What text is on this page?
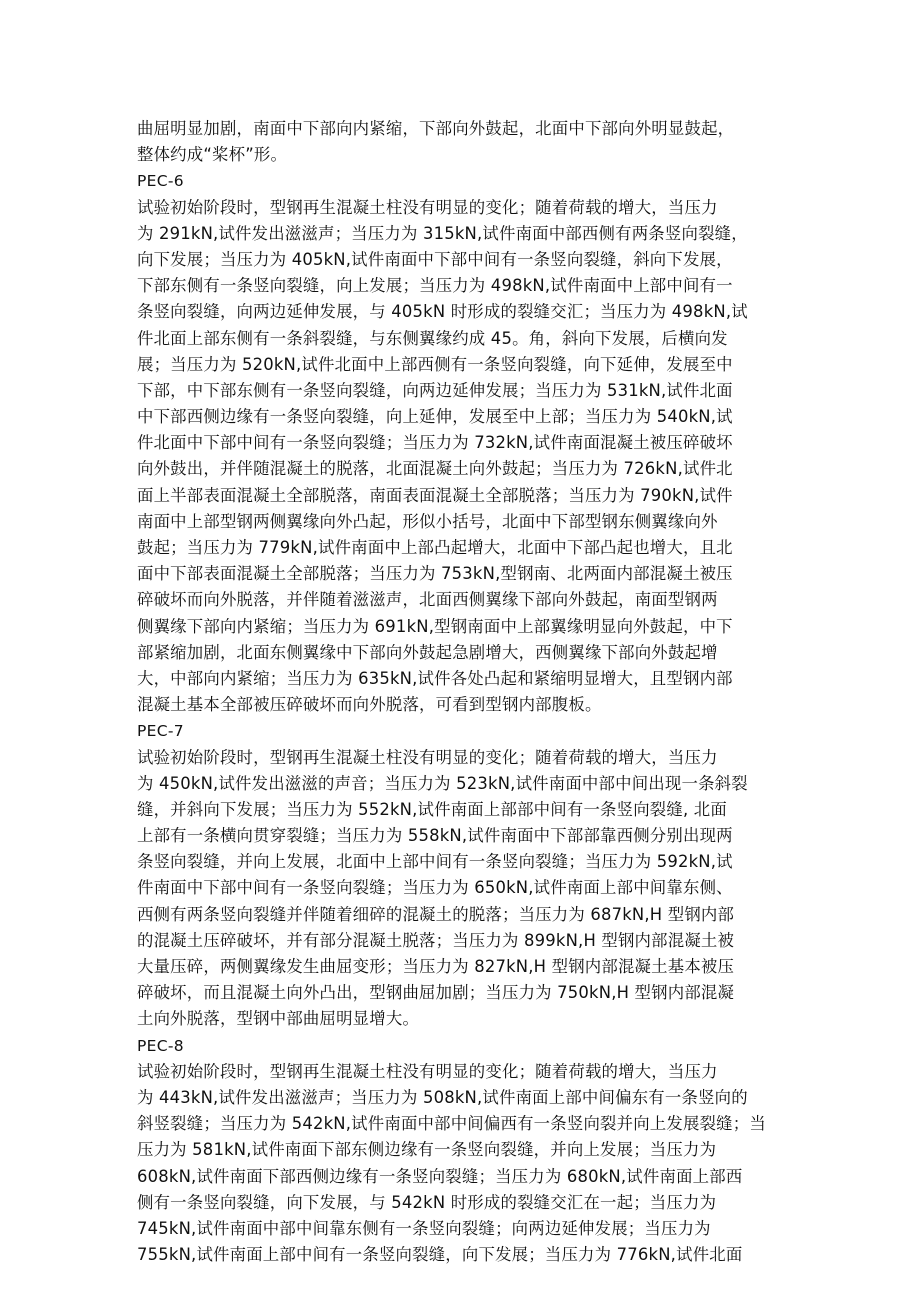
曲屈明显加剧，南面中下部向内紧缩，下部向外鼓起，北面中下部向外明显鼓起，
整体约成“桨杯”形。
PEC-6
试验初始阶段时，型钢再生混凝土柱没有明显的变化；随着荷载的增大，当压力
为 291kN,试件发出滋滋声；当压力为 315kN,试件南面中部西侧有两条竖向裂缝，
向下发展；当压力为 405kN,试件南面中下部中间有一条竖向裂缝，斜向下发展，
下部东侧有一条竖向裂缝，向上发展；当压力为 498kN,试件南面中上部中间有一
条竖向裂缝，向两边延伸发展，与 405kN 时形成的裂缝交汇；当压力为 498kN,试
件北面上部东侧有一条斜裂缝，与东侧翼缘约成 45。角，斜向下发展，后横向发
展；当压力为 520kN,试件北面中上部西侧有一条竖向裂缝，向下延伸，发展至中
下部，中下部东侧有一条竖向裂缝，向两边延伸发展；当压力为 531kN,试件北面
中下部西侧边缘有一条竖向裂缝，向上延伸，发展至中上部；当压力为 540kN,试
件北面中下部中间有一条竖向裂缝；当压力为 732kN,试件南面混凝土被压碎破坏
向外鼓出，并伴随混凝土的脱落，北面混凝土向外鼓起；当压力为 726kN,试件北
面上半部表面混凝土全部脱落，南面表面混凝土全部脱落；当压力为 790kN,试件
南面中上部型钢两侧翼缘向外凸起，形似小括号，北面中下部型钢东侧翼缘向外
鼓起；当压力为 779kN,试件南面中上部凸起增大，北面中下部凸起也增大，且北
面中下部表面混凝土全部脱落；当压力为 753kN,型钢南、北两面内部混凝土被压
碎破坏而向外脱落，并伴随着滋滋声，北面西侧翼缘下部向外鼓起，南面型钢两
侧翼缘下部向内紧缩；当压力为 691kN,型钢南面中上部翼缘明显向外鼓起，中下
部紧缩加剧，北面东侧翼缘中下部向外鼓起急剧增大，西侧翼缘下部向外鼓起增
大，中部向内紧缩；当压力为 635kN,试件各处凸起和紧缩明显增大，且型钢内部
混凝土基本全部被压碎破坏而向外脱落，可看到型钢内部腹板。
PEC-7
试验初始阶段时，型钢再生混凝土柱没有明显的变化；随着荷载的增大，当压力
为 450kN,试件发出滋滋的声音；当压力为 523kN,试件南面中部中间出现一条斜裂
缝，并斜向下发展；当压力为 552kN,试件南面上部部中间有一条竖向裂缝, 北面
上部有一条横向贯穿裂缝；当压力为 558kN,试件南面中下部部靠西侧分别出现两
条竖向裂缝，并向上发展，北面中上部中间有一条竖向裂缝；当压力为 592kN,试
件南面中下部中间有一条竖向裂缝；当压力为 650kN,试件南面上部中间靠东侧、
西侧有两条竖向裂缝并伴随着细碎的混凝土的脱落；当压力为 687kN,H 型钢内部
的混凝土压碎破坏，并有部分混凝土脱落；当压力为 899kN,H 型钢内部混凝土被
大量压碎，两侧翼缘发生曲屈变形；当压力为 827kN,H 型钢内部混凝土基本被压
碎破坏，而且混凝土向外凸出，型钢曲屈加剧；当压力为 750kN,H 型钢内部混凝
土向外脱落，型钢中部曲屈明显增大。
PEC-8
试验初始阶段时，型钢再生混凝土柱没有明显的变化；随着荷载的增大，当压力
为 443kN,试件发出滋滋声；当压力为 508kN,试件南面上部中间偏东有一条竖向的
斜竖裂缝；当压力为 542kN,试件南面中部中间偏西有一条竖向裂并向上发展裂缝；当
压力为 581kN,试件南面下部东侧边缘有一条竖向裂缝，并向上发展；当压力为
608kN,试件南面下部西侧边缘有一条竖向裂缝；当压力为 680kN,试件南面上部西
侧有一条竖向裂缝，向下发展，与 542kN 时形成的裂缝交汇在一起；当压力为
745kN,试件南面中部中间靠东侧有一条竖向裂缝；向两边延伸发展；当压力为
755kN,试件南面上部中间有一条竖向裂缝，向下发展；当压力为 776kN,试件北面
